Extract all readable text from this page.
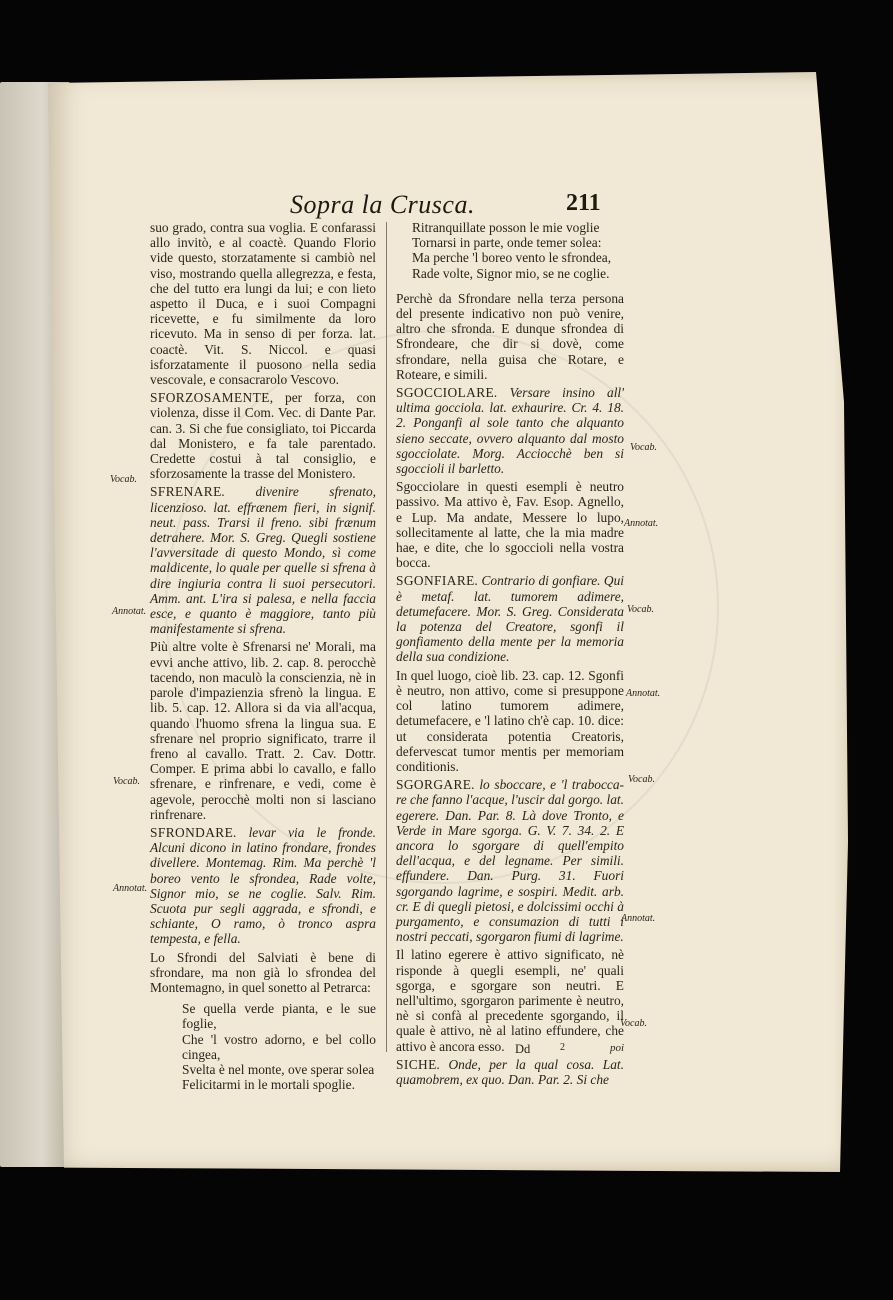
Sopra la Crusca.	211

suo grado, contra sua voglia. E confarassi allo invitò, e al coactè. Quando Florio vide questo, storzatamente si cambiò nel viso, mostrando quella allegrezza, e festa, che del tutto era lungi da lui; e con lieto aspetto il Duca, e i suoi Compagni ricevette, e fu similmente da loro ricevuto. Ma in senso di per forza. lat. coactè. Vit. S. Niccol. e quasi isforzatamente il puosono nella sedia vescovale, e consacrarolo Vescovo.

SFORZOSAMENTE, per forza, con violenza, disse il Com. Vec. di Dante Par. can. 3. Si che fue consigliato, toi Piccarda dal Monistero, e fa tale parentado. Credette costui à tal consiglio, e sforzosamente la trasse del Monistero.

SFRENARE. divenire sfrenato, licenzioso. lat. effrænem fieri, in signif. neut. pass. Trarsi il freno. sibi frænum detrahere. Mor. S. Greg. Quegli sostiene l'avversitade di questo Mondo, sì come maldicente, lo quale per quelle si sfrena à dire ingiuria contra li suoi persecutori. Amm. ant. L'ira si palesa, e nella faccia esce, e quanto è maggiore, tanto più manifestamente si sfrena.

Più altre volte è Sfrenarsi ne' Morali, ma evvi anche attivo, lib. 2. cap. 8. perocchè tacendo, non maculò la conscienzia, nè in parole d'impazienzia sfrenò la lingua. E lib. 5. cap. 12. Allora si da via all'acqua, quando l'huomo sfrena la lingua sua. E sfrenare nel proprio significato, trarre il freno al cavallo. Tratt. 2. Cav. Dottr. Comper. E prima abbi lo cavallo, e fallo sfrenare, e rinfrenare, e vedi, come è agevole, perocchè molti non si lasciano rinfrenare.

SFRONDARE. levar via le fronde. Alcuni dicono in latino frondare, frondes divellere. Montemag. Rim. Ma perchè 'l boreo vento le sfrondea, Rade volte, Signor mio, se ne coglie. Salv. Rim. Scuota pur segli aggrada, e sfrondi, e schiante, O ramo, ò tronco aspra tempesta, e fella.

Lo Sfrondi del Salviati è bene di sfrondare, ma non già lo sfrondea del Montemagno, in quel sonetto al Petrarca:

Se quella verde pianta, e le sue foglie,
Che 'l vostro adorno, e bel collo cingea,
Svelta è nel monte, ove sperar solea
Felicitarmi in le mortali spoglie.
Ritranquillate posson le mie voglie
Tornarsi in parte, onde temer solea:
Ma perche 'l boreo vento le sfrondea,
Rade volte, Signor mio, se ne coglie.

Perchè da Sfrondare nella terza persona del presente indicativo non può venire, altro che sfronda. E dunque sfrondea di Sfrondeare, che dir si dovè, come sfrondare, nella guisa che Rotare, e Roteare, e simili.

SGOCCIOLARE. Versare insino all' ultima gocciola. lat. exhaurire. Cr. 4. 18. 2. Ponganfi al sole tanto che alquanto sieno seccate, ovvero alquanto dal mosto sgocciolate. Morg. Acciocchè ben si sgoccioli il barletto.

Sgocciolare in questi esempli è neutro passivo. Ma attivo è, Fav. Esop. Agnello, e Lup. Ma andate, Messere lo lupo, sollecitamente al latte, che la mia madre hae, e dite, che lo sgoccioli nella vostra bocca.

SGONFIARE. Contrario di gonfiare. Qui è metaf. lat. tumorem adimere, detumefacere. Mor. S. Greg. Considerata la potenza del Creatore, sgonfi il gonfiamento della mente per la memoria della sua condizione.

In quel luogo, cioè lib. 23. cap. 12. Sgonfi è neutro, non attivo, come si presuppone col latino tumorem adimere, detumefacere, e 'l latino ch'è cap. 10. dice: ut considerata potentia Creatoris, defervescat tumor mentis per memoriam conditionis.

SGORGARE. lo sboccare, e 'l trabocca-re che fanno l'acque, l'uscir dal gorgo. lat. egerere. Dan. Par. 8. Là dove Tronto, e Verde in Mare sgorga. G. V. 7. 34. 2. E ancora lo sgorgare di quell'empito dell'acqua, e del legname. Per simili. effundere. Dan. Purg. 31. Fuori sgorgando lagrime, e sospiri. Medit. arb. cr. E di quegli pietosi, e dolcissimi occhi à purgamento, e consumazion di tutti i nostri peccati, sgorgaron fiumi di lagrime.

Il latino egerere è attivo significato, nè risponde à quegli esempli, ne' quali sgorga, e sgorgare son neutri. E nell'ultimo, sgorgaron parimente è neutro, nè si confà al precedente sgorgando, il quale è attivo, nè al latino effundere, che attivo è ancora esso.

SICHE. Onde, per la qual cosa. Lat. quamobrem, ex quo. Dan. Par. 2. Si che

Vocab.
Annotat.
Vocab.
Annotat.
Vocab.
Annotat.
Vocab.
Annotat.
Vocab.
Annotat.
Vocab.
Dd	2	poi
